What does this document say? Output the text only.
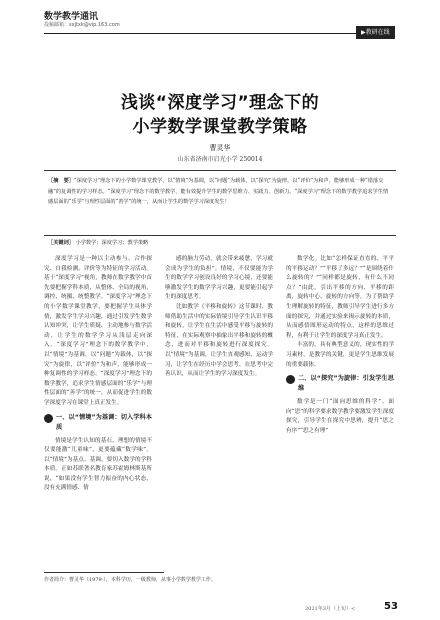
数学教学通讯
投稿邮箱：sxjtxk@vip.163.com
▶教研在线
浅谈“深度学习”理念下的
小学数学课堂教学策略
曹灵华
山东省济南市启光小学 250014
［摘　要］“深度学习”理念下的小学数学课堂教学，以“情境”为基调，以“问题”为载体，以“探究”为旋律，以“评价”为和声，能够形成一种“错落交融”的复调性的学习样态。“深度学习”理念下的数学教学，能有效提升学生的数学思维力、实践力、创新力。“深度学习”理念下的数学教学追求学生情感层面的“乐学”与理性层面的“善学”的统一，从而让学生的数学学习深度发生！
［关键词］ 小学数学；深度学习；教学策略

深度学习是一种以主动参与、合作探究、自我检测、评价等为特征的学习活动。基于“深度学习”视角，教师在数学教学中首先要把握学科本质，从整体、全局的视角，调控、统摄、统整教学。“深度学习”理念下的小学数学课堂教学，要把握学生具体学情，激发学生学习兴趣，通过引发学生数学认知冲突，让学生质疑、主动地参与数学活动，让学生的数学学习从浅层走向深入。“深度学习”理念下的数学教学中，以“情境”为基调，以“问题”为载体，以“探究”为旋律，以“评价”为和声，能够形成一种复调性的学习样态。“深度学习”理念下的数学教学，追求学生情感层面的“乐学”与理性层面的“善学”的统一，从而促进学生的数学深度学习在课堂上真正发生。

一、以“情境”为基调：切入学科本质

情境是学生认知的基石，理想的情境不仅要能激“儿童味”，更要蕴藏“数学味”。以“情境”为基点、基调，要切入数学的学科本质。正如苏联著名教育家苏霍姆林斯基所说，“如果没有学生智力振奋的内心状态，没有充满情感、情

感的脑力劳动，就会带来疲惫，学习就会成为学生的负担”。情境，不仅要能为学生的数学学习创设良好的学习心境，还要能够激发学生的数学学习兴趣，更要能引起学生的深度思考。

比如教学《平移和旋转》这节课时，教师借助生活中的实际情境引导学生认识平移和旋转，让学生在生活中感受平移与旋转的特征，在实际观察中抽象出平移和旋转的概念，进而对平移和旋转进行深度探究。以“情境”为基调，让学生直观感知、运动学习，让学生在经历中学会思考，在思考中完善认识，从而让学生的学习深度发生。

数学化。比如“怎样保证直直的、平平的平移运动？”“平移了多远？”“是围绕着什么旋转的？”“同样都是旋转，有什么不同点？”由此，引出平移的方向、平移的距离，旋转中心、旋转的方向等。为了帮助学生理解旋转的特征，教师引导学生进行多方面的探究，并通过实验来揭示旋转的本质，从而感悟图形运动的特点，这样的思维过程，有利于让学生的深度学习真正发生。

丰富的，具有典型意义的，现实性的学习素材，是教学的关键，更是学生思维发展的重要载体。

二、以“探究”为旋律：引发学生思维

数学是一门“面向思维的科学”。面向“思”的科学要求数学教学要激发学生深度探究，引导学生在探究中思辨，提升“思之有序”“思之有理”

作者简介：曹灵华（1979-），本科学历，一级教师，从事小学数学教学工作。
2021年3月（上旬）<	53
